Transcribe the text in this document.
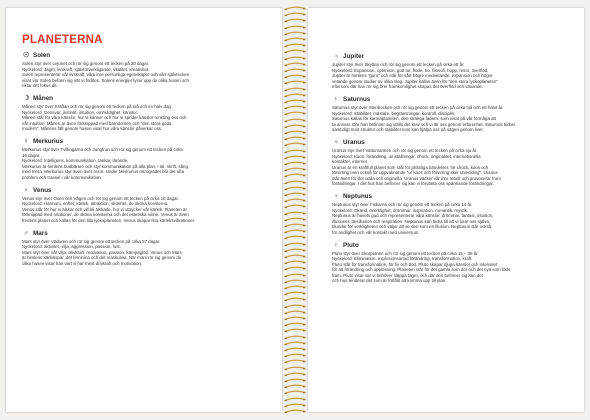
PLANETERNA
☉ Solen
Solen styr över Lejonet och rör sig genom ett tecken på 30 dagar.
Nyckelord: Jaget, livskraft, självförverkligande, vitalitet, kreativitet.
Solen representerar vår livskraft, våra inre personliga egenskaper och vårt självtecken
visar var Solen befann sig när vi föddes. Solens energier lyser upp de olika husen och
riktar ditt fokus dit.
☽ Månen
Månen styr över Kräftan och rör sig genom ett tecken på två och en halv dag.
Nyckelord: Gensvar, instinkt, intuition, omhuldighet, känslor.
Månen står för våra känslor, hur vi känner och hur vi sprider känslor omkring oss och
vår intuition. Månen är även förknippad med barndomen och "den stora goda
modern". Månens fält genom husen visar hur våra känslor påverkar oss.
☿ Merkurius
Merkurius styr över Tvillingarna och Jungfrun och rör sig genom ett tecken på cirka
16 dagar.
Nyckelord: Intelligens, kommunikation, tankar, lärande.
Merkurius är himlens budbärare och styr kommunikation på alla plan, i tal, skrift, sång
med mera. Merkurius styr även över resor. Under Merkurius retrograder blir det ofta
problem och trassel i vår kommunikation.
♀ Venus
Venus styr över Oxen och Vågen och rör sig genom ett tecken på cirka 18 dagar.
Nyckelord: Harmoni, enhet, kärlek, attraktion, skönhet, de sköna konsterna.
Venus står för hur vi älskar och vill bli älskade, hur vi uttrycker vår kärlek. Planeten är
förknippad med relationer, de sköna konsterna och det estetiska sinne. Venus är även
fredens planet och kallas för den lilla lyckoplaneten. Venus skapar fina kärleksvibrationer.
♂ Mars
Mars styr över Väduren och rör sig genom ett tecken på cirka 57 dagar.
Nyckelord: aktivitet, vilja, aggression, passion, lust.
Mars styr över vår vilja, drivkraft, motivation, passion, kämpaglöd. Venus och Mars
är himlens kärlekspar, det feminina och det maskulina. När mars rör sig genom de
olika husen visar han vart vi har mest drivkraft och motivation.
♃ Jupiter
Jupiter styr över Skytten och rör sig genom ett tecken på cirka ett år.
Nyckelord: Expansion, optimism, god tur, flöde, tro, filosofi, hopp, resor, överflöd.
Jupiter är himlens "guru" och står för vårt högre medvetande, expansion och högre
vetande genom studier av olika slag. Jupiter kallas även för "den stora lyckoplaneten"
eftersom där han rör sig brer framkomlighet skapas det överflöd och växande.
♄ Saturnus
Saturnus styr över Stenbocken och rör sig genom ett tecken på cirka två och ett halvt år.
Nyckelord: Stabilitet, mästare, begränsningar, kontroll, disciplin.
Saturnus kallas för karmaplaneten, den stränga fadern, som visar på vår förmåga att
ta ansvar. Där han befinner sig ställs det krav och vi lär oss genom erfarenhet. Saturnus bidrar
samtidigt med struktur och stabilitet som kan hjälpa oss på vägen genom livet.
♅ Uranus
Uranus styr över Vattumannen och rör sig genom ett tecken på cirka sju år.
Nyckelord: Kaos, förändring, omställningar, chock, originalitet, internationella
kontakter, internet.
Uranus är en kraftfull planet som står för plötsliga händelser, för chock, kaos och
förvirring men också för uppvaknande "ur kaos och förvirring sker utveckling". Uranus
står även för det udda och originella. Uranus väcker vår inre rebell och provocerar fram
förändringar. I det hus han befinner sig kan vi förvänta oss spännande förändringar.
♆ Neptunus
Neptunus styr över Fiskarna och rör sig genom ett tecken på cirka 14 år.
Nyckelord: Okänd, overklighet, drömmar, inspiration, romantik, mystik.
Neptunus är havets gud och representerar våra känslor, drömmar, fantasi, intuition,
illusioner, desillusion och respiration. Neptunus kan bidra till att vi lurar oss själva,
blundar för verkligheten och väljer att se den som en illusion. Neptunus står också
för andlighet och vår kontakt med universum.
♇ Pluto
Pluto styr över Skorpionen och rör sig genom ett tecken på cirka 15 – 35 år.
Nyckelord: Elimination, explosionsartad förändring, transformation, kraft.
Pluto står för transformation, för liv och död. Pluto skapar djupa känslor och intensitet
för att förändring och upplösning. Planeten står för det gamla som dör och det nya som föds
fram. Pluto visar var vi behöver släppa taget, och där den befinner sig kan det
och hus tenderar det som är förlåtit att komma upp till ytan.
